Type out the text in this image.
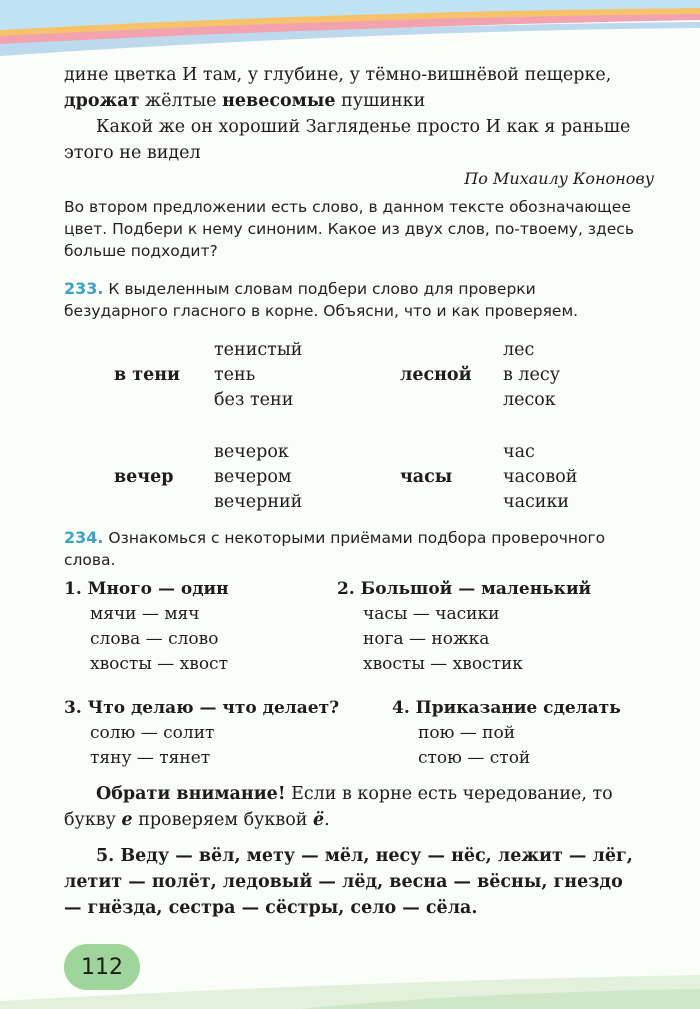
дине цветка И там, у глубине, у тёмно-вишнёвой пещерке,
дрожат жёлтые невесомые пушинки
Какой же он хороший Загляденье просто И как я раньше этого не видел
По Михаилу Кононову
Во втором предложении есть слово, в данном тексте обозначающее цвет. Подбери к нему синоним. Какое из двух слов, по-твоему, здесь больше подходит?
233. К выделенным словам подбери слово для проверки безударного гласного в корне. Объясни, что и как проверяем.
в тени
тенистый
тень
без тени
лесной
лес
в лесу
лесок
вечер
вечерок
вечером
вечерний
часы
час
часовой
часики
234. Ознакомься с некоторыми приёмами подбора проверочного слова.
1. Много — один
мячи — мяч
слова — слово
хвосты — хвост
2. Большой — маленький
часы — часики
нога — ножка
хвосты — хвостик
3. Что делаю — что делает?
солю — солит
тяну — тянет
4. Приказание сделать
пою — пой
стою — стой
Обрати внимание! Если в корне есть чередование, то букву е проверяем буквой ё.
5. Веду — вёл, мету — мёл, несу — нёс, лежит — лёг, летит — полёт, ледовый — лёд, весна — вёсны, гнездо — гнёзда, сестра — сёстры, село — сёла.
112
